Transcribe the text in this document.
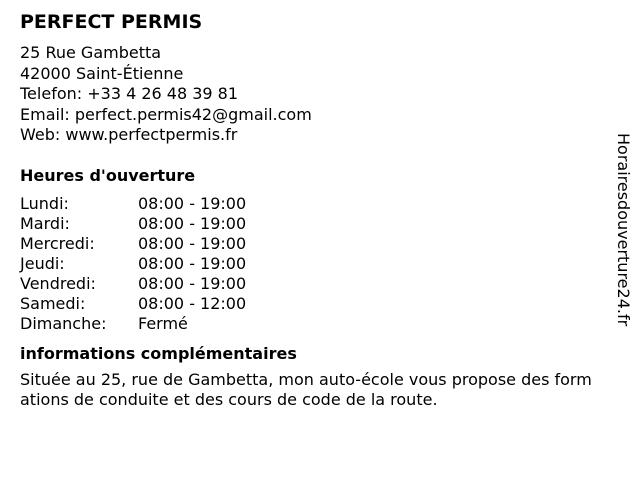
PERFECT PERMIS
25 Rue Gambetta
42000 Saint-Étienne
Telefon: +33 4 26 48 39 81
Email: perfect.permis42@gmail.com
Web: www.perfectpermis.fr
Heures d'ouverture
Lundi:	08:00 - 19:00
Mardi:	08:00 - 19:00
Mercredi:	08:00 - 19:00
Jeudi:	08:00 - 19:00
Vendredi:	08:00 - 19:00
Samedi:	08:00 - 12:00
Dimanche:	Fermé
informations complémentaires
Située au 25, rue de Gambetta, mon auto-école vous propose des formations de conduite et des cours de code de la route.
Horairesdouverture24.fr
